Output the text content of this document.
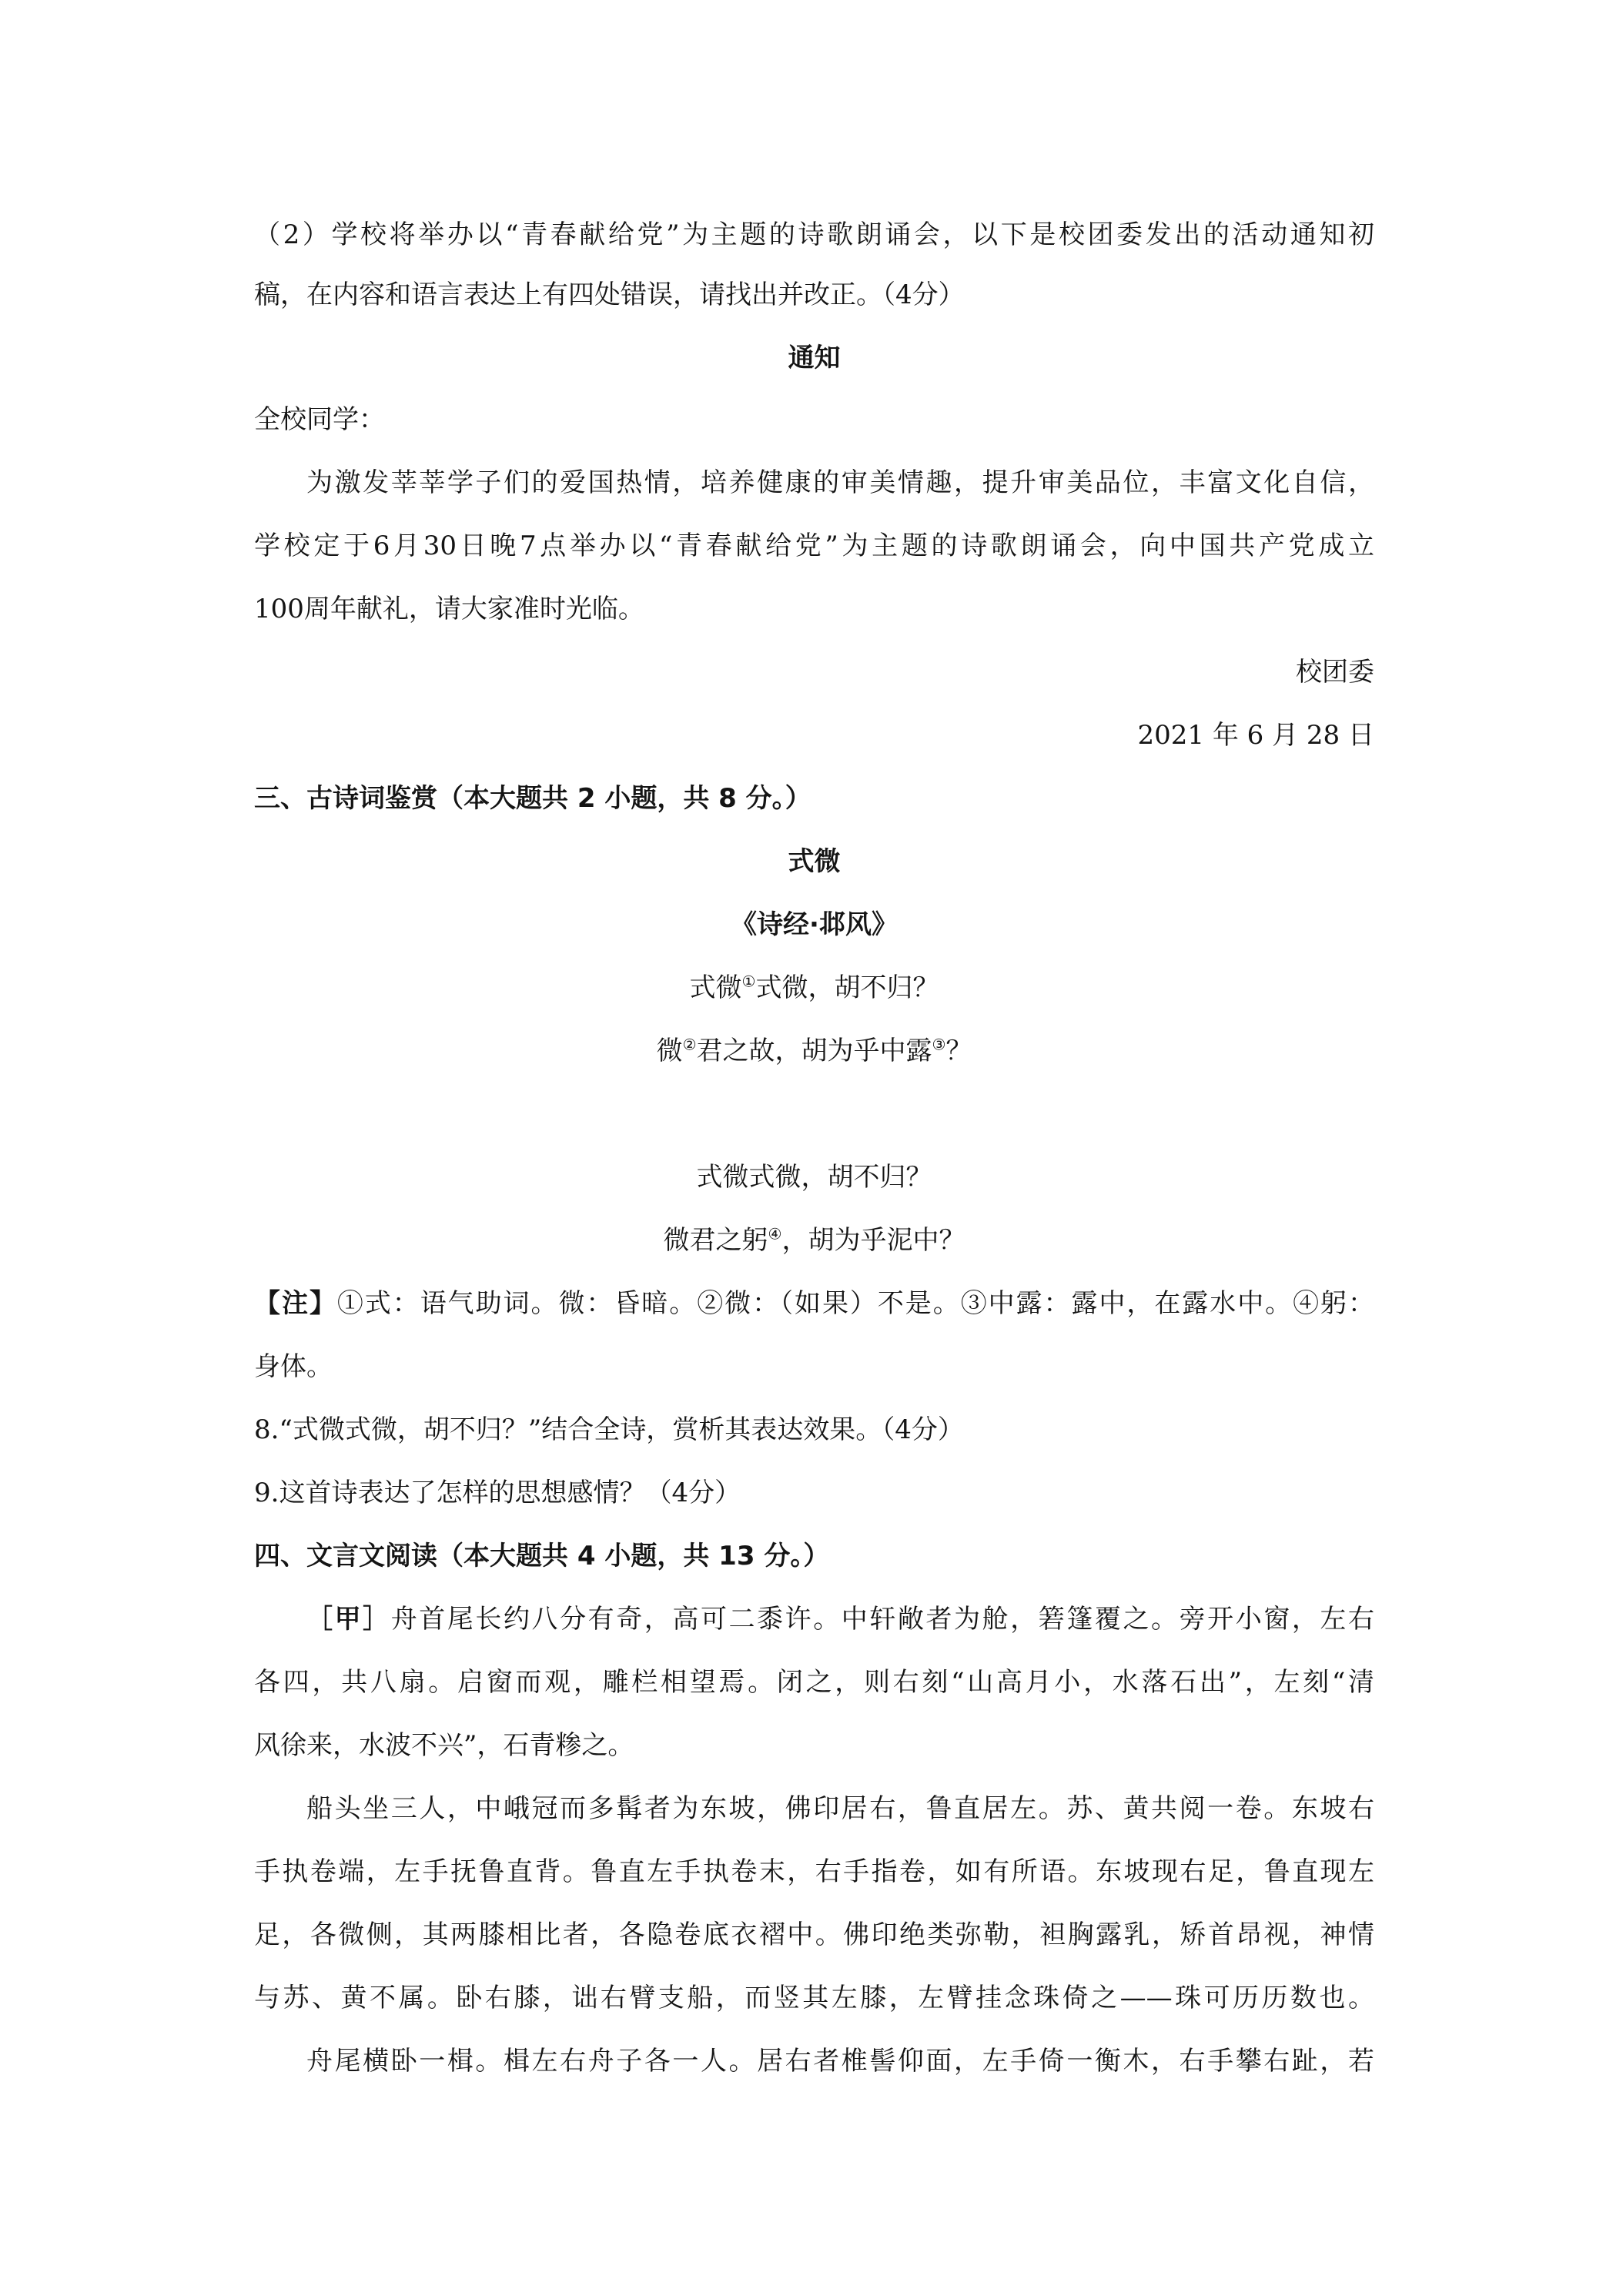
（2）学校将举办以“青春献给党”为主题的诗歌朗诵会，以下是校团委发出的活动通知初
稿，在内容和语言表达上有四处错误，请找出并改正。（4分）
通知
全校同学：
为激发莘莘学子们的爱国热情，培养健康的审美情趣，提升审美品位，丰富文化自信，
学校定于6月30日晚7点举办以“青春献给党”为主题的诗歌朗诵会，向中国共产党成立
100周年献礼，请大家准时光临。
校团委
2021 年 6 月 28 日
三、古诗词鉴赏（本大题共 2 小题，共 8 分。）
式微
《诗经·邶风》
式微①式微，胡不归？
微②君之故，胡为乎中露③？
式微式微，胡不归？
微君之躬④，胡为乎泥中？
【注】①式：语气助词。微：昏暗。②微：（如果）不是。③中露：露中，在露水中。④躬：
身体。
8.“式微式微，胡不归？”结合全诗，赏析其表达效果。（4分）
9.这首诗表达了怎样的思想感情？（4分）
四、文言文阅读（本大题共 4 小题，共 13 分。）
［甲］舟首尾长约八分有奇，高可二黍许。中轩敞者为舱，箬篷覆之。旁开小窗，左右
各四，共八扇。启窗而观，雕栏相望焉。闭之，则右刻“山高月小，水落石出”，左刻“清
风徐来，水波不兴”，石青糁之。
船头坐三人，中峨冠而多髯者为东坡，佛印居右，鲁直居左。苏、黄共阅一卷。东坡右
手执卷端，左手抚鲁直背。鲁直左手执卷末，右手指卷，如有所语。东坡现右足，鲁直现左
足，各微侧，其两膝相比者，各隐卷底衣褶中。佛印绝类弥勒，袒胸露乳，矫首昂视，神情
与苏、黄不属。卧右膝，诎右臂支船，而竖其左膝，左臂挂念珠倚之——珠可历历数也。
舟尾横卧一楫。楫左右舟子各一人。居右者椎髻仰面，左手倚一衡木，右手攀右趾，若
